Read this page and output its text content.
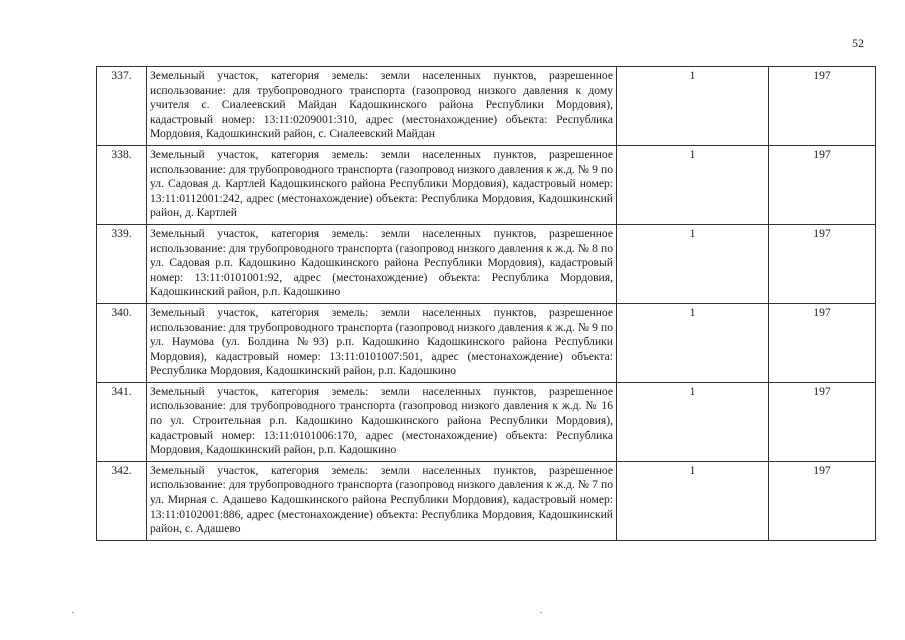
52
337.	Земельный участок, категория земель: земли населенных пунктов, разрешенное использование: для трубопроводного транспорта (газопровод низкого давления к дому учителя с. Сиалеевский Майдан Кадошкинского района Республики Мордовия), кадастровый номер: 13:11:0209001:310, адрес (местонахождение) объекта: Республика Мордовия, Кадошкинский район, с. Сиалеевский Майдан	1	197
338.	Земельный участок, категория земель: земли населенных пунктов, разрешенное использование: для трубопроводного транспорта (газопровод низкого давления к ж.д. № 9 по ул. Садовая д. Картлей Кадошкинского района Республики Мордовия), кадастровый номер: 13:11:0112001:242, адрес (местонахождение) объекта: Республика Мордовия, Кадошкинский район, д. Картлей	1	197
339.	Земельный участок, категория земель: земли населенных пунктов, разрешенное использование: для трубопроводного транспорта (газопровод низкого давления к ж.д. № 8 по ул. Садовая р.п. Кадошкино Кадошкинского района Республики Мордовия), кадастровый номер: 13:11:0101001:92, адрес (местонахождение) объекта: Республика Мордовия, Кадошкинский район, р.п. Кадошкино	1	197
340.	Земельный участок, категория земель: земли населенных пунктов, разрешенное использование: для трубопроводного транспорта (газопровод низкого давления к ж.д. № 9 по ул. Наумова (ул. Болдина №93) р.п. Кадошкино Кадошкинского района Республики Мордовия), кадастровый номер: 13:11:0101007:501, адрес (местонахождение) объекта: Республика Мордовия, Кадошкинский район, р.п. Кадошкино	1	197
341.	Земельный участок, категория земель: земли населенных пунктов, разрешенное использование: для трубопроводного транспорта (газопровод низкого давления к ж.д. № 16 по ул. Строительная р.п. Кадошкино Кадошкинского района Республики Мордовия), кадастровый номер: 13:11:0101006:170, адрес (местонахождение) объекта: Республика Мордовия, Кадошкинский район, р.п. Кадошкино	1	197
342.	Земельный участок, категория земель: земли населенных пунктов, разрешенное использование: для трубопроводного транспорта (газопровод низкого давления к ж.д. № 7 по ул. Мирная с. Адашево Кадошкинского района Республики Мордовия), кадастровый номер: 13:11:0102001:886, адрес (местонахождение) объекта: Республика Мордовия, Кадошкинский район, с. Адашево	1	197
